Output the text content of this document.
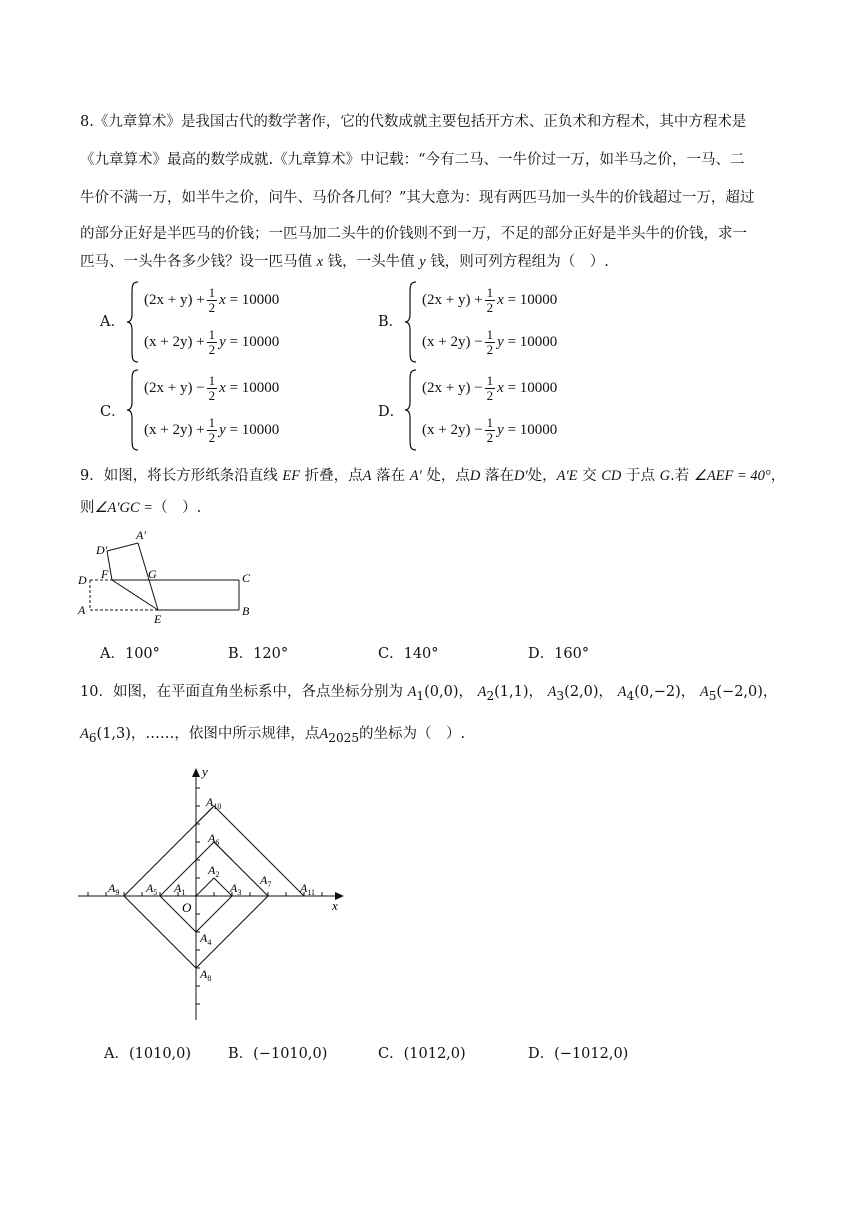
8.《九章算术》是我国古代的数学著作，它的代数成就主要包括开方术、正负术和方程术，其中方程术是
《九章算术》最高的数学成就.《九章算术》中记载：“今有二马、一牛价过一万，如半马之价，一马、二
牛价不满一万，如半牛之价，问牛、马价各几何？”其大意为：现有两匹马加一头牛的价钱超过一万，超过
的部分正好是半匹马的价钱；一匹马加二头牛的价钱则不到一万，不足的部分正好是半头牛的价钱，求一
匹马、一头牛各多少钱？设一匹马值 x 钱，一头牛值 y 钱，则可列方程组为（　）.
A．
(2x + y)
+ $\frac{1}{2}$ x
= 10000
(x + 2y)
+ $\frac{1}{2}$ y
= 10000
B．
(2x + y)
+ $\frac{1}{2}$ x
= 10000
(x + 2y)
− $\frac{1}{2}$ y
= 10000
C．
(2x + y)
− $\frac{1}{2}$ x
= 10000
(x + 2y)
+ $\frac{1}{2}$ y
= 10000
D．
(2x + y)
− $\frac{1}{2}$ x
= 10000
(x + 2y)
− $\frac{1}{2}$ y
= 10000
9．如图，将长方形纸条沿直线 EF 折叠，点A 落在 A′ 处，点D 落在D′处，A′E 交 CD 于点 G.若 ∠AEF = 40°，
则∠A′GC =（　）.
D′
A′
D F	G	C
A
E
B
A．100°	B．120°	C．140°	D．160°
10．如图，在平面直角坐标系中，各点坐标分别为 $A_1(0,0)$， $A_2(1,1)$， $A_3(2,0)$， $A_4(0,-2)$， $A_5(-2,0)$，
$A_6(1,3)$，……，依图中所示规律，点$A_{2025}$的坐标为（　）.
y
x
O
$A_1$
$A_2$
$A_3$
$A_4$
$A_5$
$A_6$
$A_7$
$A_8$
$A_9$
$A_{10}$
$A_{11}$
A．(1010,0)	B．(−1010,0)	C．(1012,0)	D．(−1012,0)
